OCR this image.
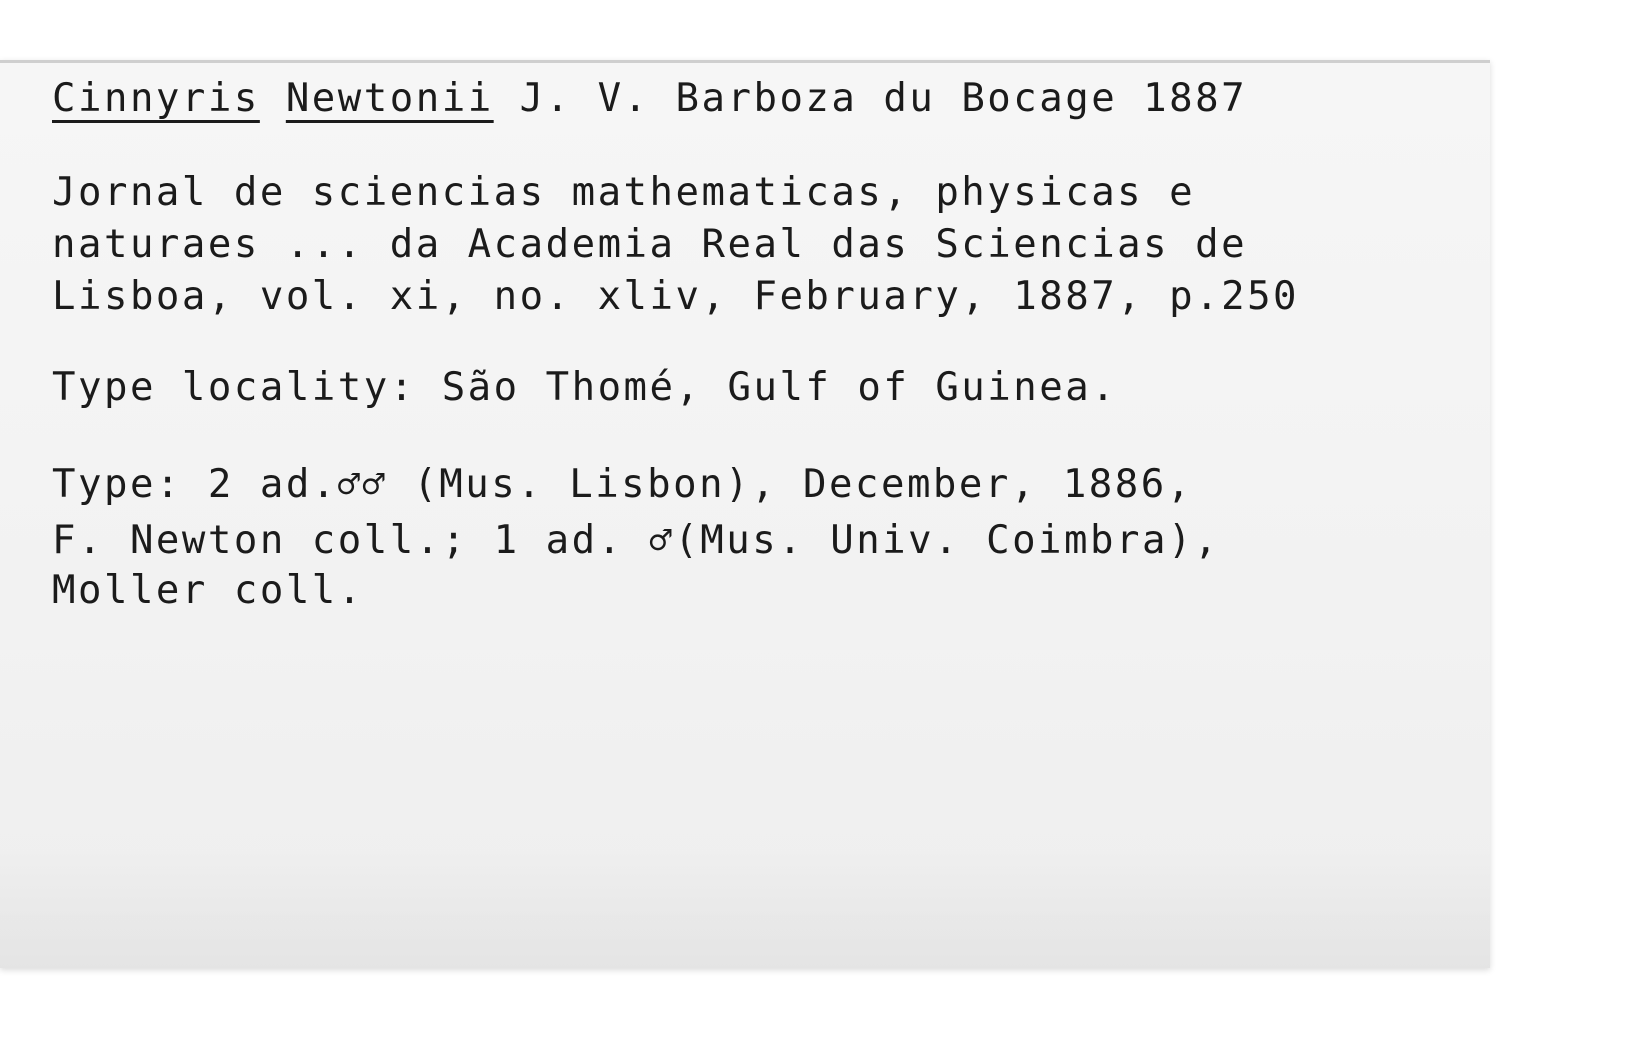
Cinnyris Newtonii J. V. Barboza du Bocage 1887

Jornal de sciencias mathematicas, physicas e

naturaes ... da Academia Real das Sciencias de

Lisboa, vol. xi, no. xliv, February, 1887, p.250

Type locality: São Thomé, Gulf of Guinea.

Type: 2 ad.♂♂ (Mus. Lisbon), December, 1886,

F. Newton coll.; 1 ad. ♂(Mus. Univ. Coimbra),

Moller coll.
